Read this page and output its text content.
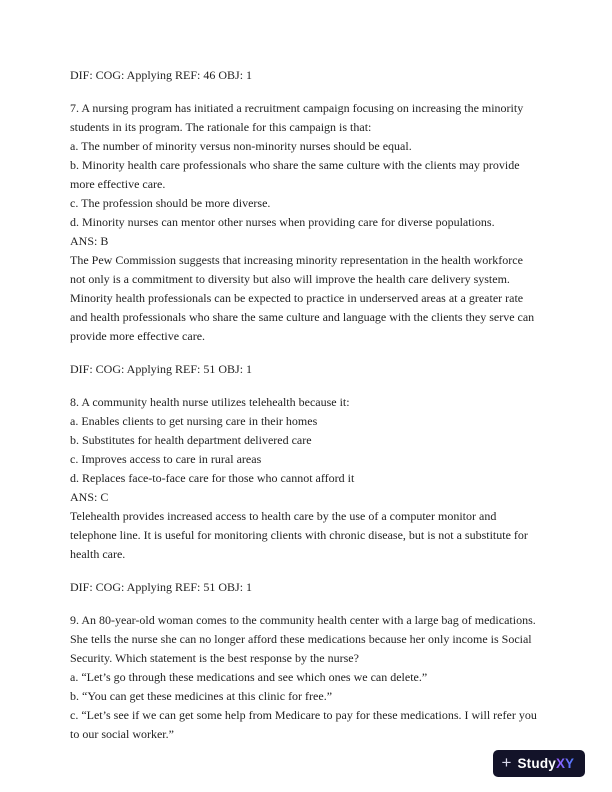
DIF: COG: Applying REF: 46 OBJ: 1

7. A nursing program has initiated a recruitment campaign focusing on increasing the minority students in its program. The rationale for this campaign is that:

a. The number of minority versus non-minority nurses should be equal.

b. Minority health care professionals who share the same culture with the clients may provide more effective care.

c. The profession should be more diverse.

d. Minority nurses can mentor other nurses when providing care for diverse populations.

ANS: B

The Pew Commission suggests that increasing minority representation in the health workforce not only is a commitment to diversity but also will improve the health care delivery system. Minority health professionals can be expected to practice in underserved areas at a greater rate and health professionals who share the same culture and language with the clients they serve can provide more effective care.

DIF: COG: Applying REF: 51 OBJ: 1

8. A community health nurse utilizes telehealth because it:

a. Enables clients to get nursing care in their homes

b. Substitutes for health department delivered care

c. Improves access to care in rural areas

d. Replaces face-to-face care for those who cannot afford it

ANS: C

Telehealth provides increased access to health care by the use of a computer monitor and telephone line. It is useful for monitoring clients with chronic disease, but is not a substitute for health care.

DIF: COG: Applying REF: 51 OBJ: 1

9. An 80-year-old woman comes to the community health center with a large bag of medications. She tells the nurse she can no longer afford these medications because her only income is Social Security. Which statement is the best response by the nurse?

a. “Let’s go through these medications and see which ones we can delete.”

b. “You can get these medicines at this clinic for free.”

c. “Let’s see if we can get some help from Medicare to pay for these medications. I will refer you to our social worker.”

+ StudyXY
